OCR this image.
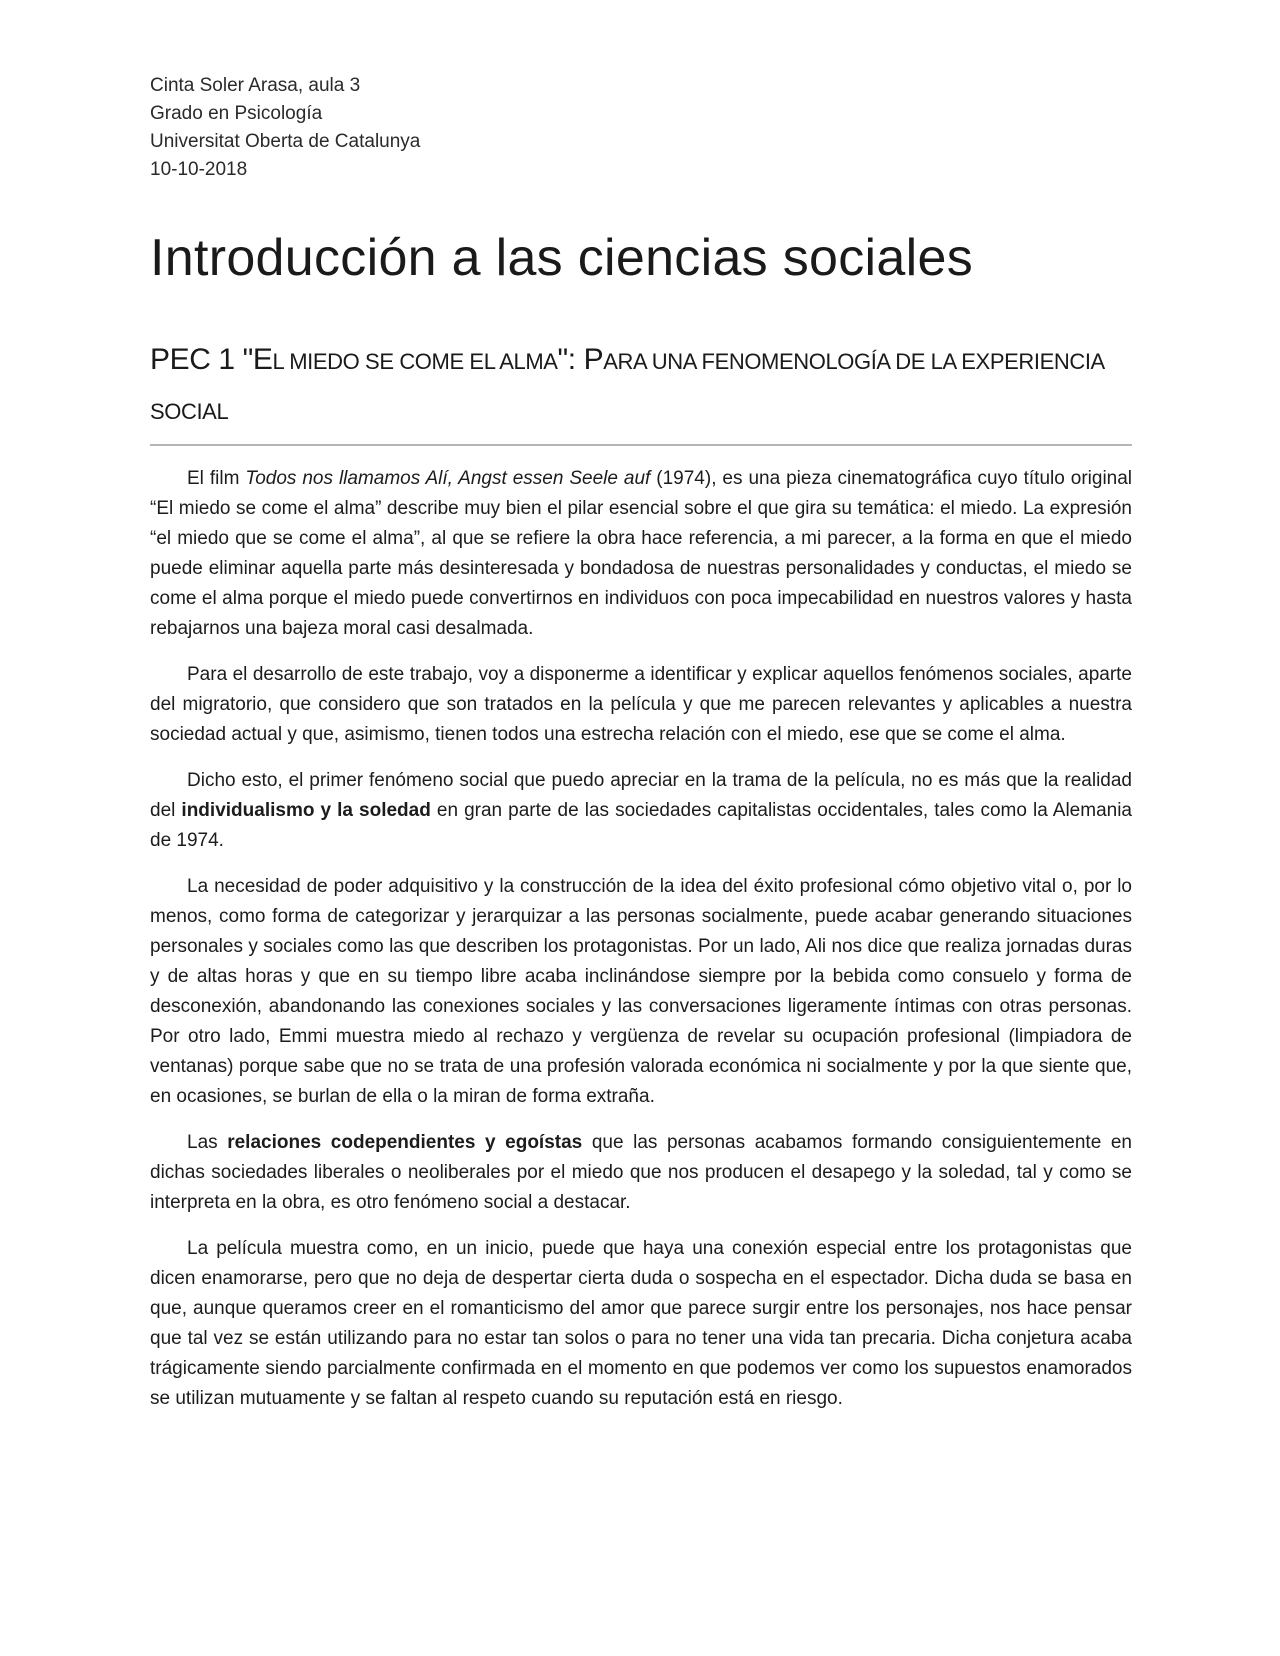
Cinta Soler Arasa, aula 3
Grado en Psicología
Universitat Oberta de Catalunya
10-10-2018
Introducción a las ciencias sociales
PEC 1 "EL MIEDO SE COME EL ALMA": PARA UNA FENOMENOLOGÍA DE LA EXPERIENCIA SOCIAL

El film Todos nos llamamos Alí, Angst essen Seele auf (1974), es una pieza cinematográfica cuyo título original “El miedo se come el alma” describe muy bien el pilar esencial sobre el que gira su temática: el miedo. La expresión “el miedo que se come el alma”, al que se refiere la obra hace referencia, a mi parecer, a la forma en que el miedo puede eliminar aquella parte más desinteresada y bondadosa de nuestras personalidades y conductas, el miedo se come el alma porque el miedo puede convertirnos en individuos con poca impecabilidad en nuestros valores y hasta rebajarnos una bajeza moral casi desalmada.

Para el desarrollo de este trabajo, voy a disponerme a identificar y explicar aquellos fenómenos sociales, aparte del migratorio, que considero que son tratados en la película y que me parecen relevantes y aplicables a nuestra sociedad actual y que, asimismo, tienen todos una estrecha relación con el miedo, ese que se come el alma.

Dicho esto, el primer fenómeno social que puedo apreciar en la trama de la película, no es más que la realidad del individualismo y la soledad en gran parte de las sociedades capitalistas occidentales, tales como la Alemania de 1974.

La necesidad de poder adquisitivo y la construcción de la idea del éxito profesional cómo objetivo vital o, por lo menos, como forma de categorizar y jerarquizar a las personas socialmente, puede acabar generando situaciones personales y sociales como las que describen los protagonistas. Por un lado, Ali nos dice que realiza jornadas duras y de altas horas y que en su tiempo libre acaba inclinándose siempre por la bebida como consuelo y forma de desconexión, abandonando las conexiones sociales y las conversaciones ligeramente íntimas con otras personas. Por otro lado, Emmi muestra miedo al rechazo y vergüenza de revelar su ocupación profesional (limpiadora de ventanas) porque sabe que no se trata de una profesión valorada económica ni socialmente y por la que siente que, en ocasiones, se burlan de ella o la miran de forma extraña.

Las relaciones codependientes y egoístas que las personas acabamos formando consiguientemente en dichas sociedades liberales o neoliberales por el miedo que nos producen el desapego y la soledad, tal y como se interpreta en la obra, es otro fenómeno social a destacar.

La película muestra como, en un inicio, puede que haya una conexión especial entre los protagonistas que dicen enamorarse, pero que no deja de despertar cierta duda o sospecha en el espectador. Dicha duda se basa en que, aunque queramos creer en el romanticismo del amor que parece surgir entre los personajes, nos hace pensar que tal vez se están utilizando para no estar tan solos o para no tener una vida tan precaria. Dicha conjetura acaba trágicamente siendo parcialmente confirmada en el momento en que podemos ver como los supuestos enamorados se utilizan mutuamente y se faltan al respeto cuando su reputación está en riesgo.
